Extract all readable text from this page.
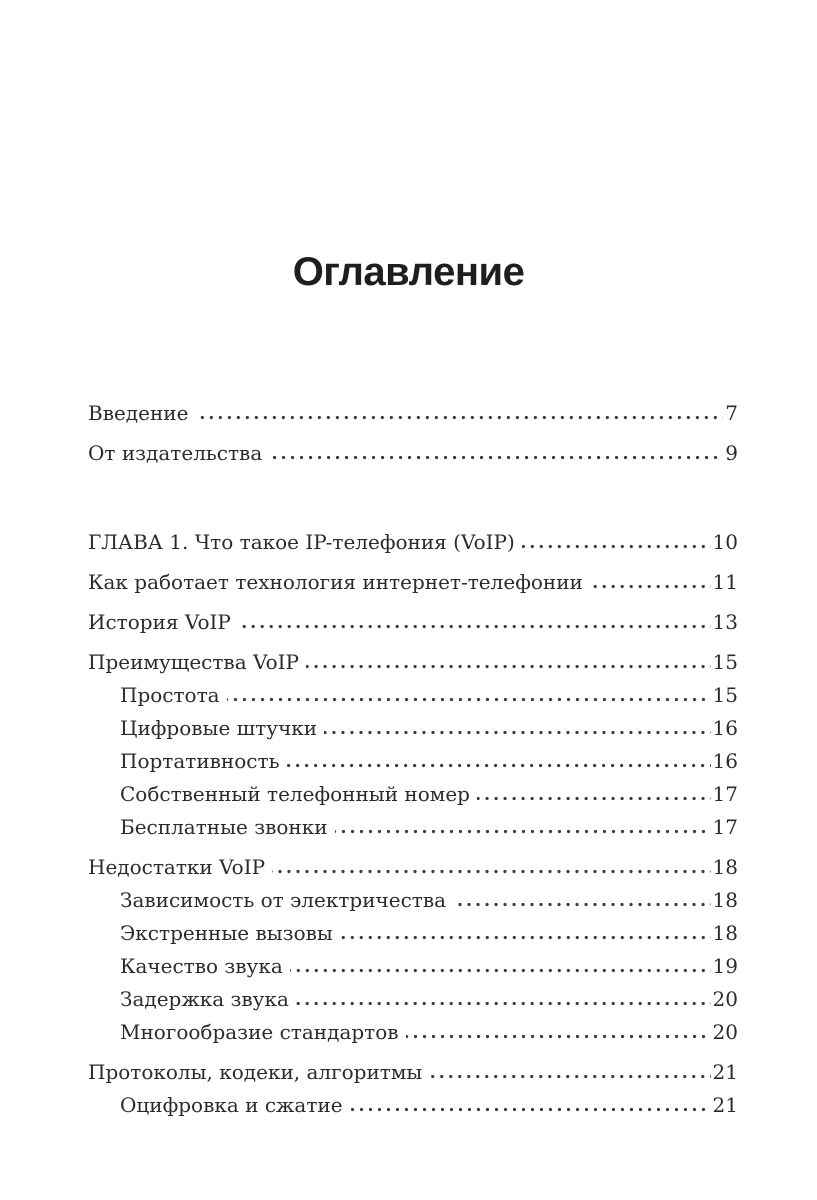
Оглавление
Введение	7
От издательства	9
ГЛАВА 1. Что такое IP-телефония (VoIP)	10
Как работает технология интернет-телефонии	11
История VoIP	13
Преимущества VoIP	15
Простота	15
Цифровые штучки	16
Портативность	16
Собственный телефонный номер	17
Бесплатные звонки	17
Недостатки VoIP	18
Зависимость от электричества	18
Экстренные вызовы	18
Качество звука	19
Задержка звука	20
Многообразие стандартов	20
Протоколы, кодеки, алгоритмы	21
Оцифровка и сжатие	21
